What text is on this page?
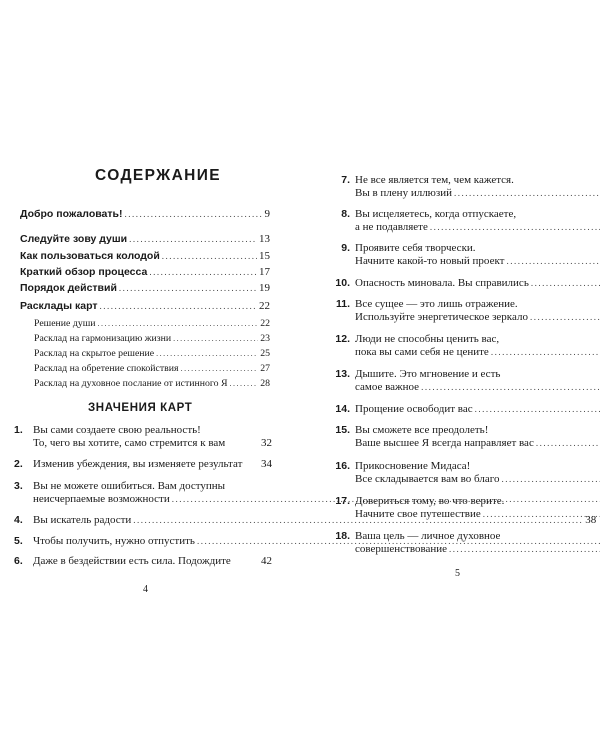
СОДЕРЖАНИЕ
Добро пожаловать! .....	9
Следуйте зову души .....	13
Как пользоваться колодой .....	15
Краткий обзор процесса .....	17
Порядок действий .....	19
Расклады карт .....	22
Решение души .....	22
Расклад на гармонизацию жизни .....	23
Расклад на скрытое решение .....	25
Расклад на обретение спокойствия .....	27
Расклад на духовное послание от истинного Я .....	28
ЗНАЧЕНИЯ КАРТ
1. Вы сами создаете свою реальность!
То, чего вы хотите, само стремится к вам	32
2. Изменив убеждения, вы изменяете результат 34
3. Вы не можете ошибиться. Вам доступны
неисчерпаемые возможности
.....
4. Вы искатель радости .....	38
5. Чтобы получить, нужно отпустить
.....
6. Даже в бездействии есть сила. Подождите	42
4
7. Не все является тем, чем кажется.
Вы в плену иллюзий
.....
8. Вы исцеляетесь, когда отпускаете,
а не подавляете
.....
9. Проявите себя творчески.
Начните какой-то новый проект
.....
10. Опасность миновала. Вы справились
.....
11. Все сущее — это лишь отражение.
Используйте энергетическое зеркало
.....
12. Люди не способны ценить вас,
пока вы сами себя не цените
.....
13. Дышите. Это мгновение и есть
самое важное
.....
14. Прощение освободит вас
.....
15. Вы сможете все преодолеть!
Ваше высшее Я всегда направляет вас
.....
16. Прикосновение Мидаса!
Все складывается вам во благо
.....
17. Довериться тому, во что верите.
Начните свое путешествие
.....
18. Ваша цель — личное духовное
совершенствование
.....
5
